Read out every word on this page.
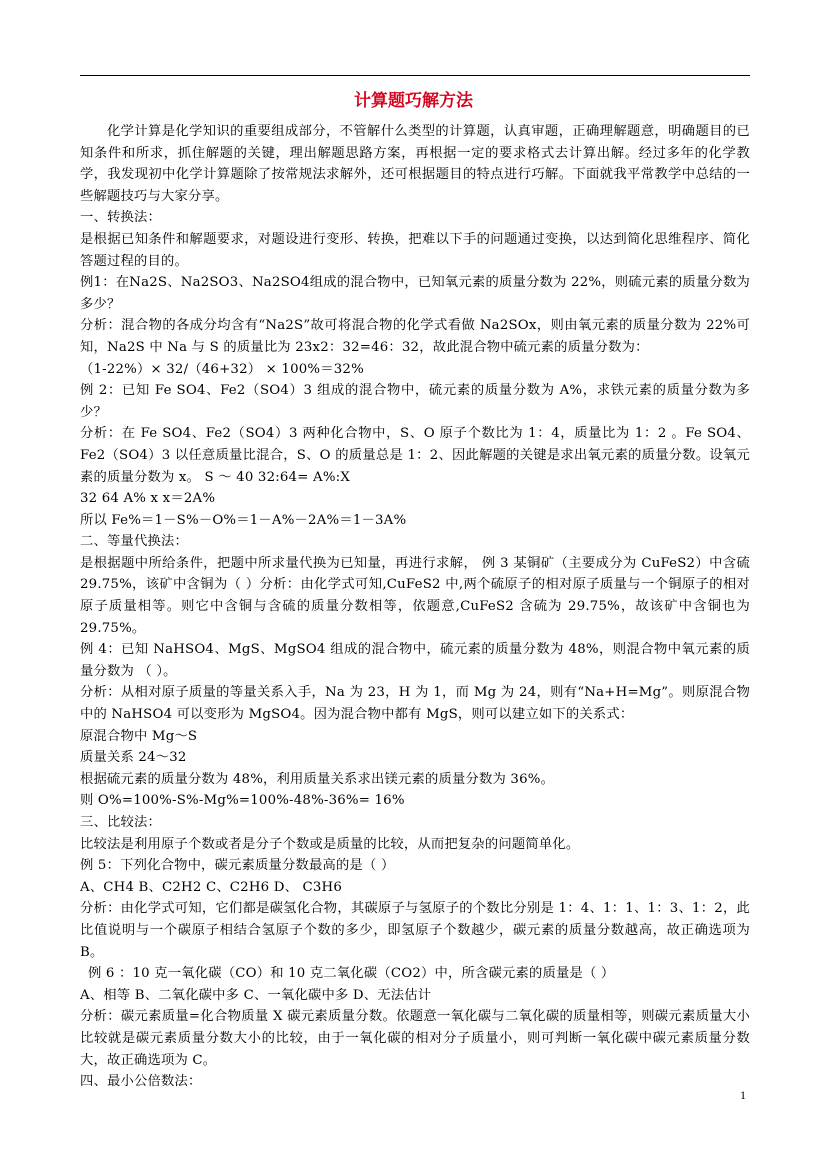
计算题巧解方法

化学计算是化学知识的重要组成部分，不管解什么类型的计算题，认真审题，正确理解题意，明确题目的已知条件和所求，抓住解题的关键，理出解题思路方案，再根据一定的要求格式去计算出解。经过多年的化学教学，我发现初中化学计算题除了按常规法求解外，还可根据题目的特点进行巧解。下面就我平常教学中总结的一些解题技巧与大家分享。

一、转换法：

是根据已知条件和解题要求，对题设进行变形、转换，把难以下手的问题通过变换，以达到简化思维程序、简化答题过程的目的。

例1：在Na2S、Na2SO3、Na2SO4组成的混合物中，已知氧元素的质量分数为 22%，则硫元素的质量分数为多少？

分析：混合物的各成分均含有“Na2S”故可将混合物的化学式看做 Na2SOx，则由氧元素的质量分数为 22%可知，Na2S 中 Na 与 S 的质量比为 23x2：32=46：32，故此混合物中硫元素的质量分数为：

（1-22%）× 32/（46+32） × 100%＝32%

例 2：已知 Fe SO4、Fe2（SO4）3 组成的混合物中，硫元素的质量分数为 A%，求铁元素的质量分数为多少？

分析：在 Fe SO4、Fe2（SO4）3 两种化合物中，S、O 原子个数比为 1：4，质量比为 1：2 。Fe SO4、Fe2（SO4）3 以任意质量比混合，S、O 的质量总是 1：2、因此解题的关键是求出氧元素的质量分数。设氧元素的质量分数为 x。 S ～ 40 32:64= A%:X

32 64 A% x x＝2A%

所以 Fe%＝1－S%－O%＝1－A%－2A%＝1－3A%

二、等量代换法：

是根据题中所给条件，把题中所求量代换为已知量，再进行求解， 例 3 某铜矿（主要成分为 CuFeS2）中含硫 29.75%，该矿中含铜为（ ）分析：由化学式可知,CuFeS2 中,两个硫原子的相对原子质量与一个铜原子的相对原子质量相等。则它中含铜与含硫的质量分数相等，依题意,CuFeS2 含硫为 29.75%，故该矿中含铜也为 29.75%。

例 4：已知 NaHSO4、MgS、MgSO4 组成的混合物中，硫元素的质量分数为 48%，则混合物中氧元素的质量分数为 （ ）。

分析：从相对原子质量的等量关系入手，Na 为 23，H 为 1，而 Mg 为 24，则有“Na+H=Mg”。则原混合物中的 NaHSO4 可以变形为 MgSO4。因为混合物中都有 MgS，则可以建立如下的关系式：

原混合物中 Mg～S

质量关系 24～32

根据硫元素的质量分数为 48%，利用质量关系求出镁元素的质量分数为 36%。

则 O%=100%-S%-Mg%=100%-48%-36%= 16%

三、比较法：

比较法是利用原子个数或者是分子个数或是质量的比较，从而把复杂的问题简单化。

例 5：下列化合物中，碳元素质量分数最高的是（ ）

A、CH4 B、C2H2 C、C2H6 D、 C3H6

分析：由化学式可知，它们都是碳氢化合物，其碳原子与氢原子的个数比分别是 1：4、1：1、1：3、1：2，此比值说明与一个碳原子相结合氢原子个数的多少，即氢原子个数越少，碳元素的质量分数越高，故正确选项为 B。

例 6 ：10 克一氧化碳（CO）和 10 克二氧化碳（CO2）中，所含碳元素的质量是（ ）

A、相等 B、二氧化碳中多 C、一氧化碳中多 D、无法估计

分析：碳元素质量=化合物质量 X 碳元素质量分数。依题意一氧化碳与二氧化碳的质量相等，则碳元素质量大小比较就是碳元素质量分数大小的比较，由于一氧化碳的相对分子质量小，则可判断一氧化碳中碳元素质量分数大，故正确选项为 C。

四、最小公倍数法：

1
